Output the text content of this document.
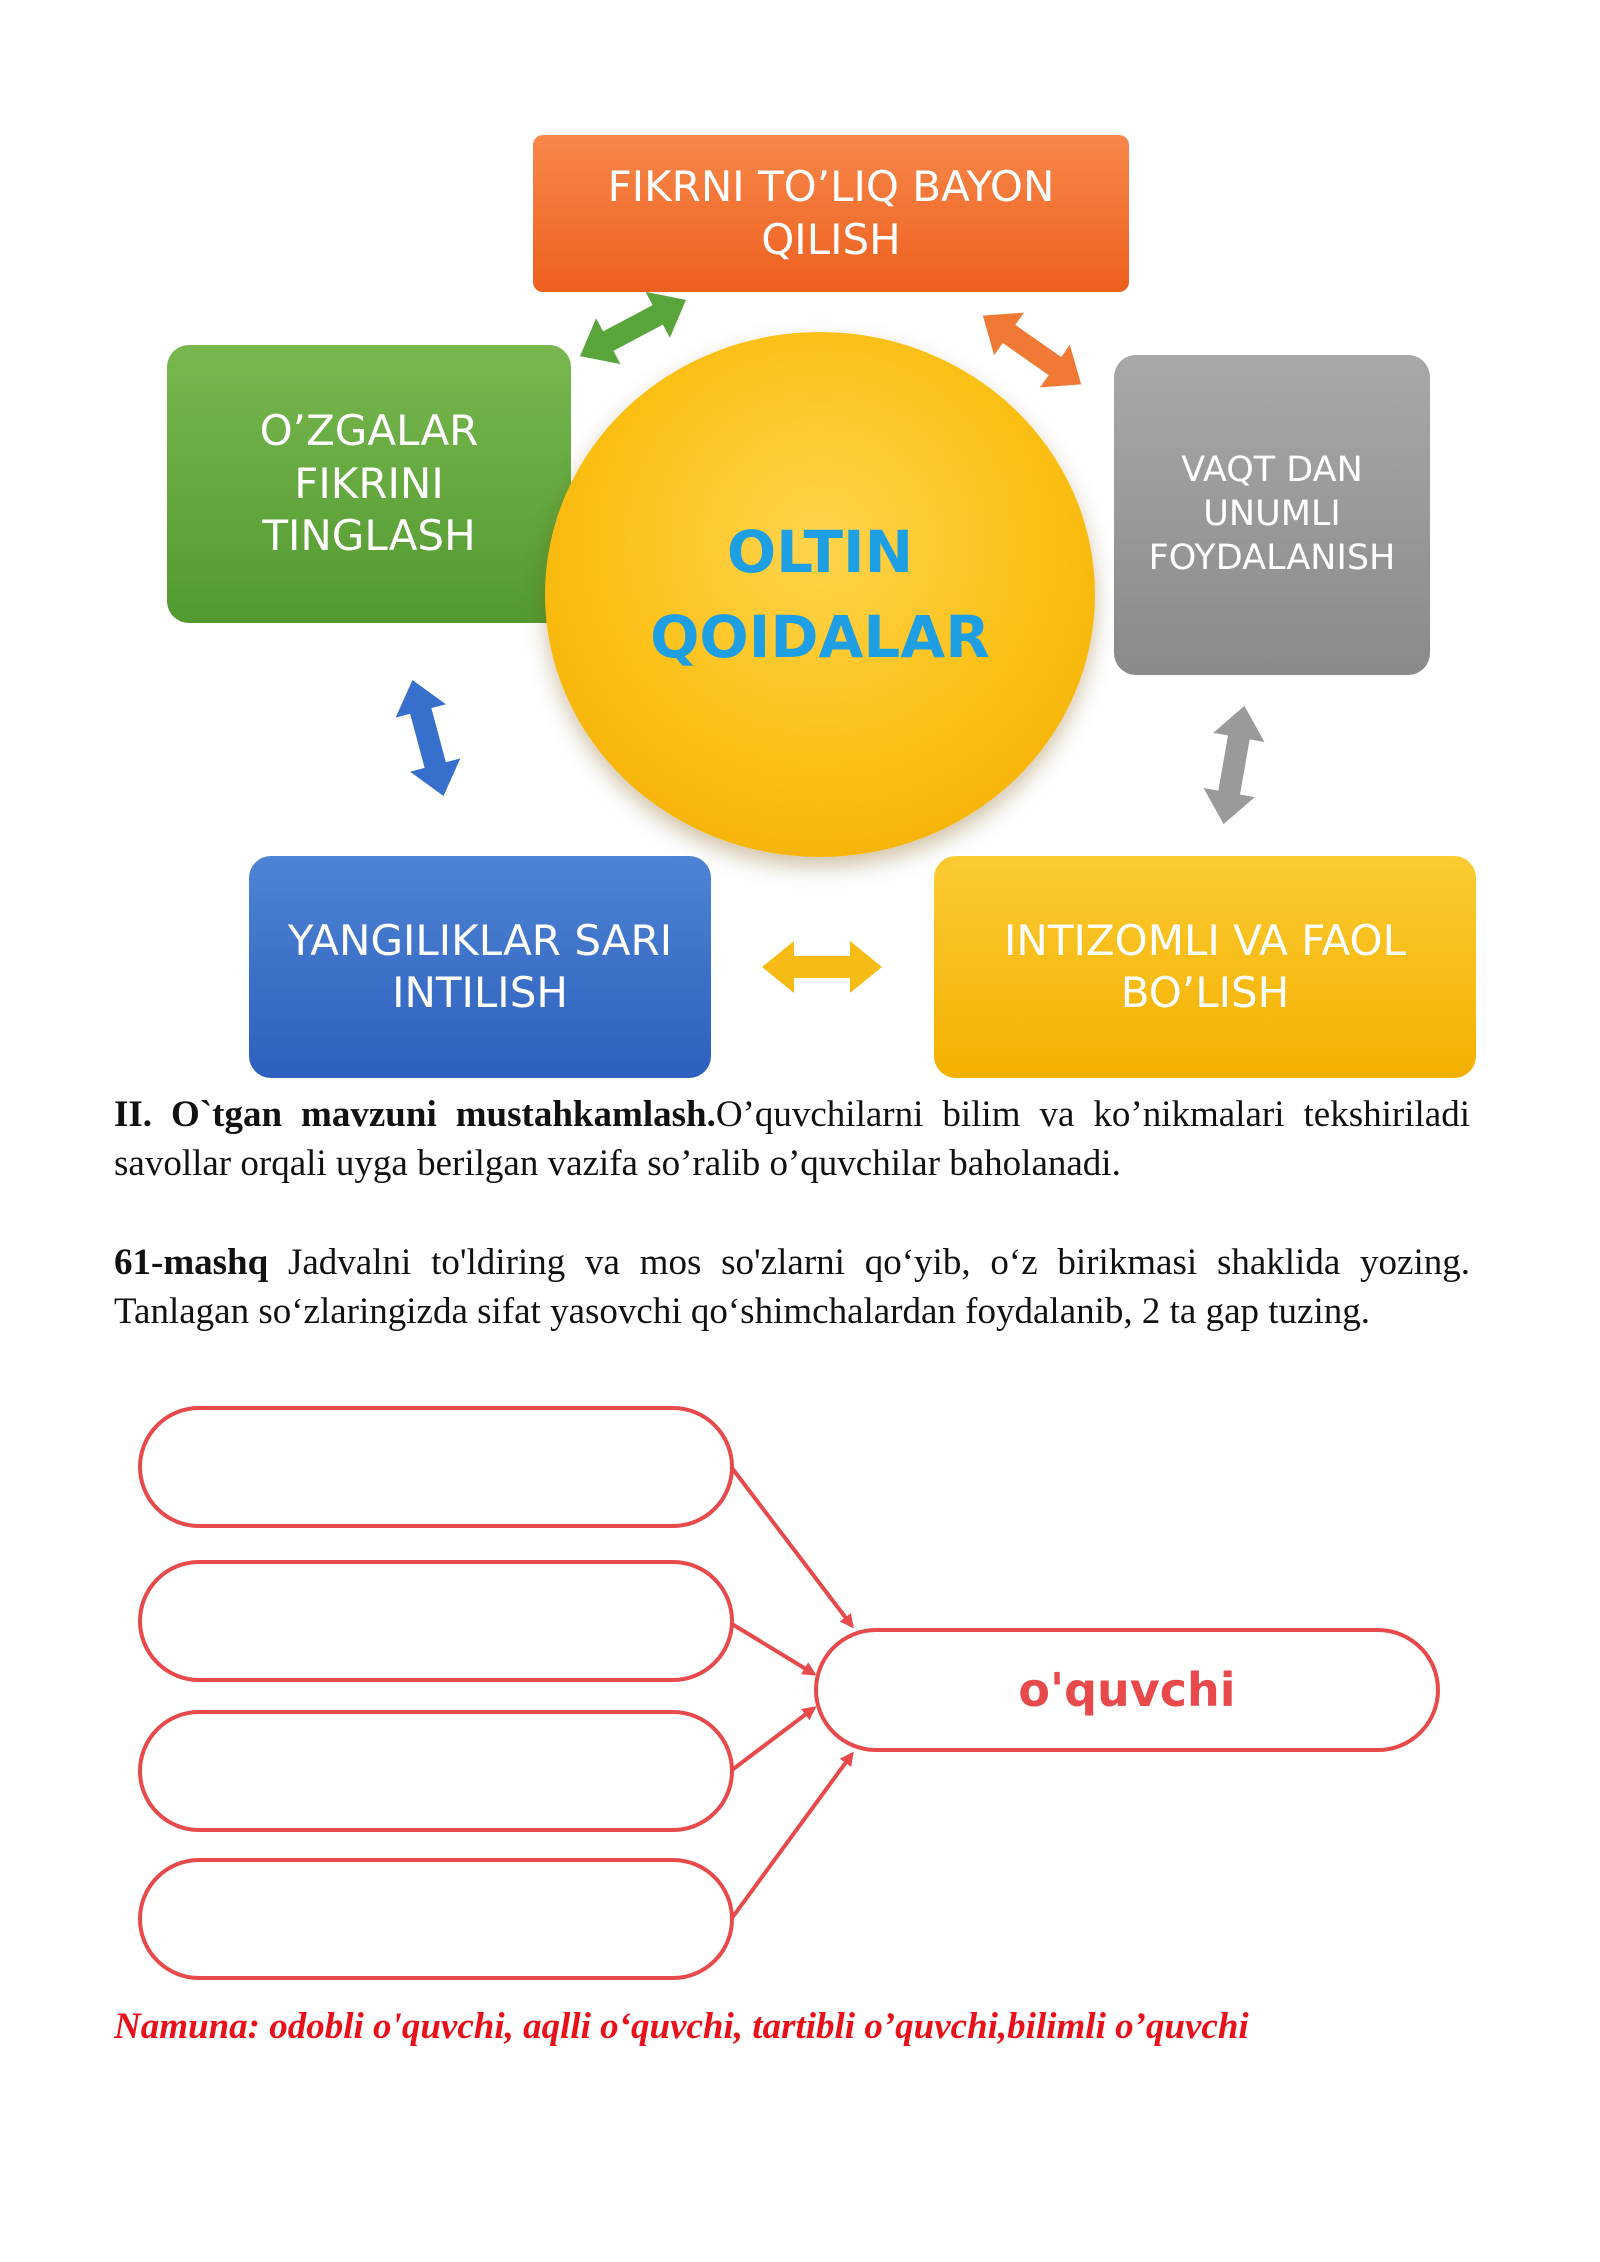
FIKRNI TO’LIQ BAYON
QILISH
O’ZGALAR
FIKRINI
TINGLASH
VAQT DAN
UNUMLI
FOYDALANISH
YANGILIKLAR SARI
INTILISH
INTIZOMLI VA FAOL
BO’LISH
OLTIN
QOIDALAR
II. O`tgan mavzuni mustahkamlash.O’quvchilarni bilim va ko’nikmalari tekshiriladi savollar orqali uyga berilgan vazifa so’ralib o’quvchilar baholanadi.
61-mashq Jadvalni to'ldiring va mos so'zlarni qo‘yib, o‘z birikmasi shaklida yozing. Tanlagan so‘zlaringizda sifat yasovchi qo‘shimchalardan foydalanib, 2 ta gap tuzing.
o'quvchi
Namuna: odobli o'quvchi, aqlli o‘quvchi, tartibli o’quvchi,bilimli o’quvchi
